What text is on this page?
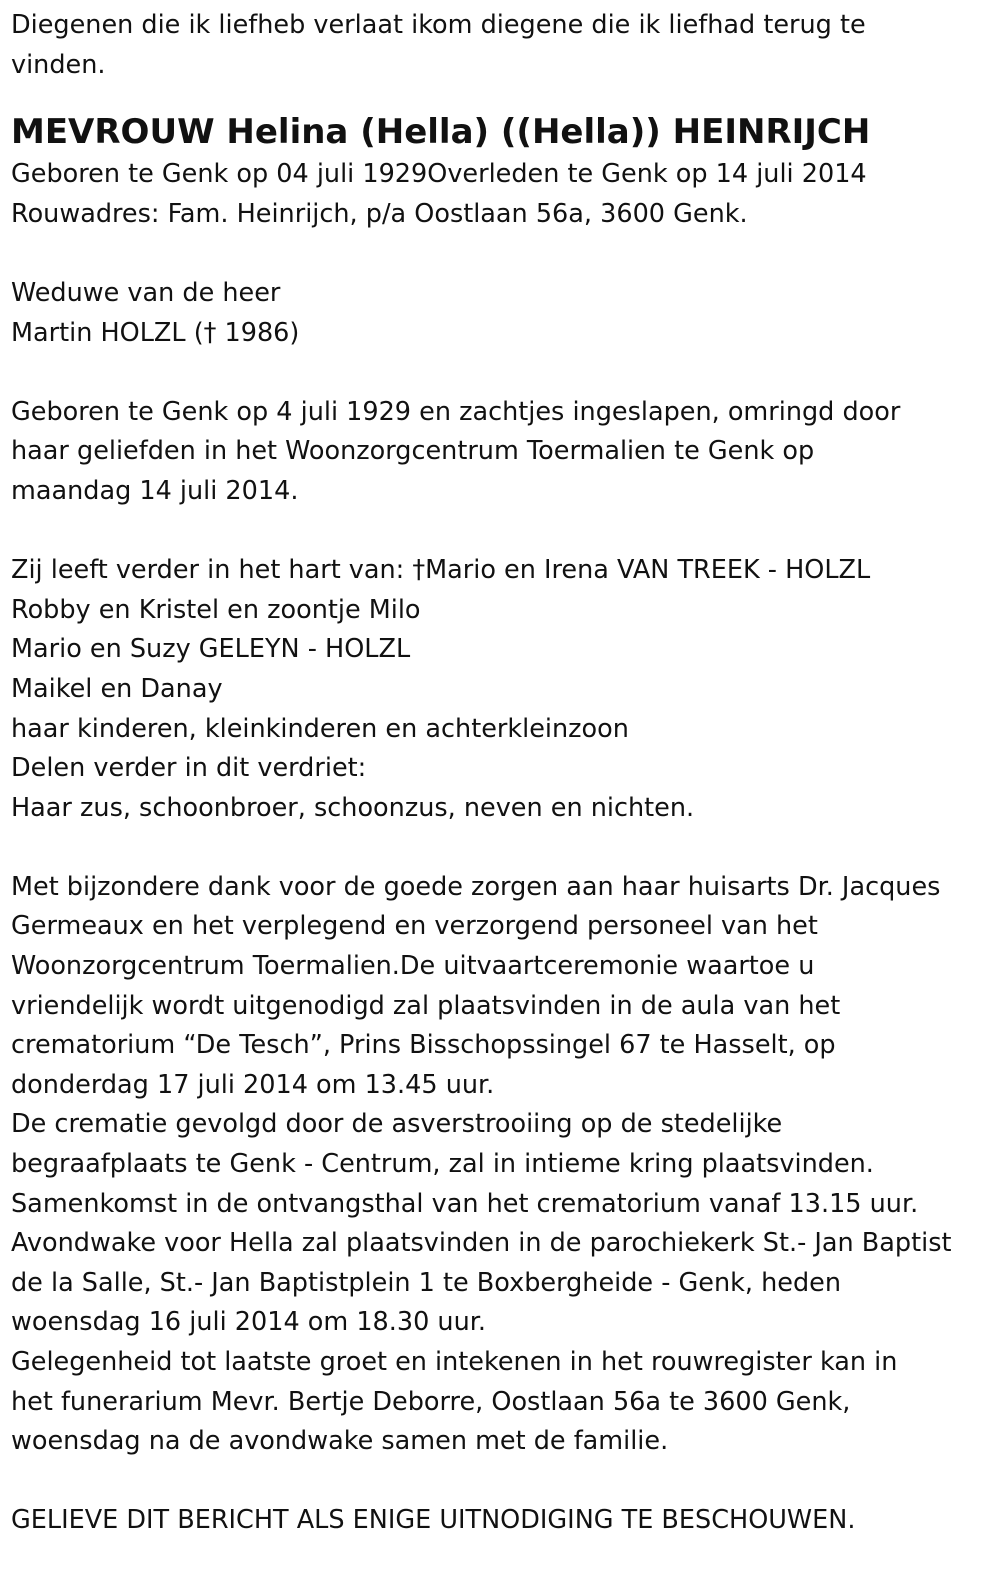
Diegenen die ik liefheb verlaat ikom diegene die ik liefhad terug te
vinden.
MEVROUW Helina (Hella) ((Hella)) HEINRIJCH
Geboren te Genk op 04 juli 1929Overleden te Genk op 14 juli 2014
Rouwadres: Fam. Heinrijch, p/a Oostlaan 56a, 3600 Genk.
Weduwe van de heer
Martin HOLZL († 1986)
Geboren te Genk op 4 juli 1929 en zachtjes ingeslapen, omringd door
haar geliefden in het Woonzorgcentrum Toermalien te Genk op
maandag 14 juli 2014.
Zij leeft verder in het hart van: †Mario en Irena VAN TREEK - HOLZL
Robby en Kristel en zoontje Milo
Mario en Suzy GELEYN - HOLZL
Maikel en Danay
haar kinderen, kleinkinderen en achterkleinzoon
Delen verder in dit verdriet:
Haar zus, schoonbroer, schoonzus, neven en nichten.
Met bijzondere dank voor de goede zorgen aan haar huisarts Dr. Jacques
Germeaux en het verplegend en verzorgend personeel van het
Woonzorgcentrum Toermalien.De uitvaartceremonie waartoe u
vriendelijk wordt uitgenodigd zal plaatsvinden in de aula van het
crematorium “De Tesch”, Prins Bisschopssingel 67 te Hasselt, op
donderdag 17 juli 2014 om 13.45 uur.
De crematie gevolgd door de asverstrooiing op de stedelijke
begraafplaats te Genk - Centrum, zal in intieme kring plaatsvinden.
Samenkomst in de ontvangsthal van het crematorium vanaf 13.15 uur.
Avondwake voor Hella zal plaatsvinden in de parochiekerk St.- Jan Baptist
de la Salle, St.- Jan Baptistplein 1 te Boxbergheide - Genk, heden
woensdag 16 juli 2014 om 18.30 uur.
Gelegenheid tot laatste groet en intekenen in het rouwregister kan in
het funerarium Mevr. Bertje Deborre, Oostlaan 56a te 3600 Genk,
woensdag na de avondwake samen met de familie.
GELIEVE DIT BERICHT ALS ENIGE UITNODIGING TE BESCHOUWEN.
